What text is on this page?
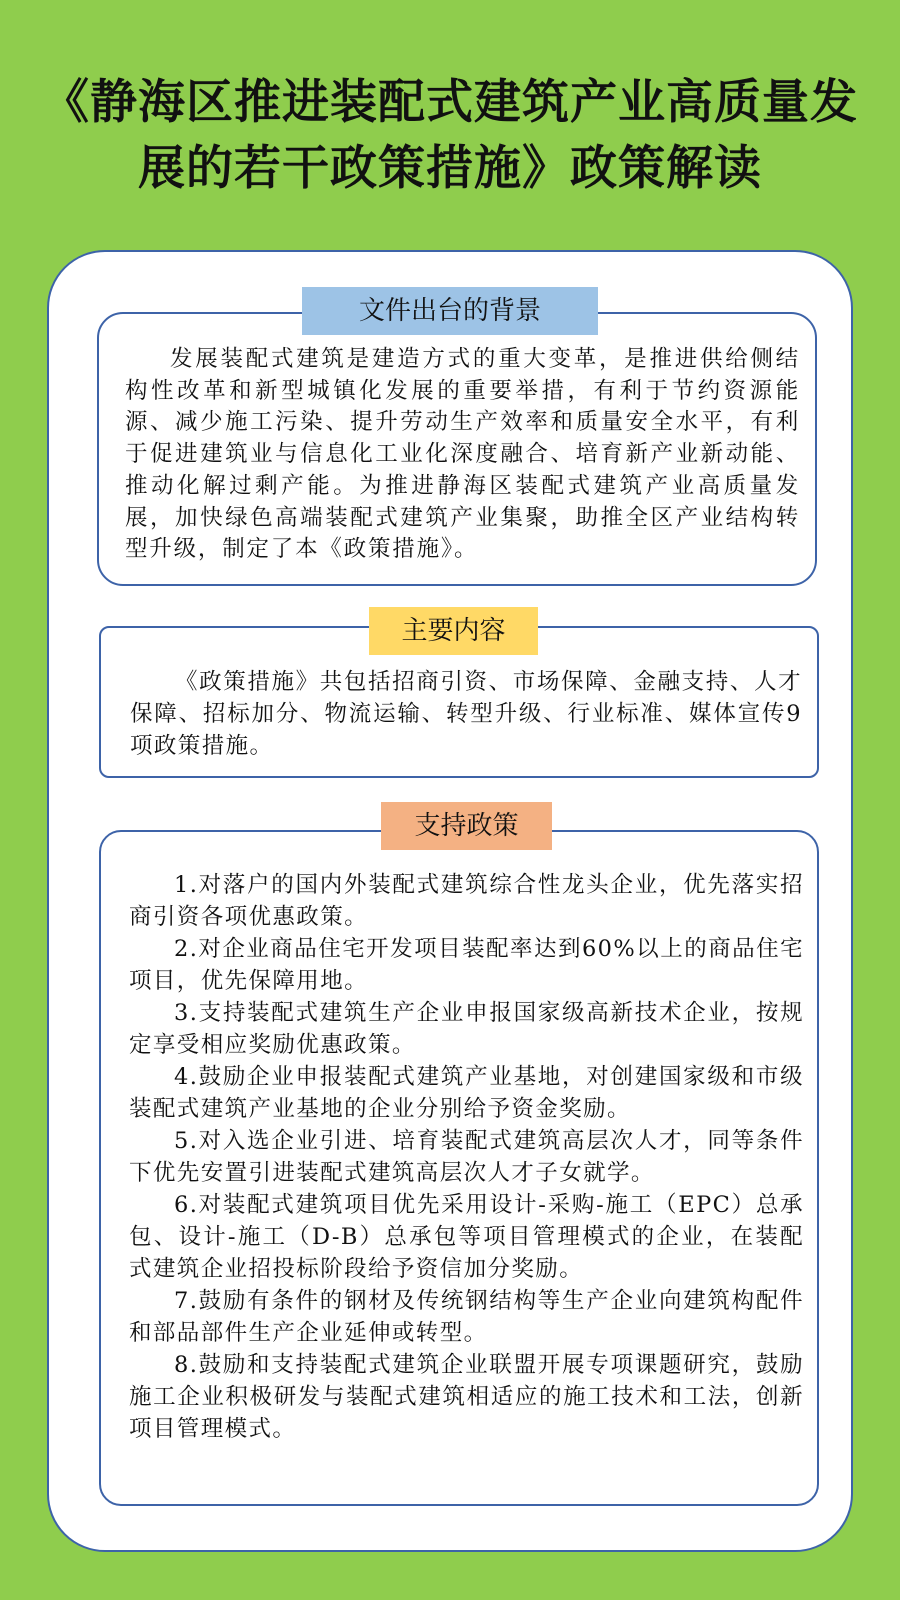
《静海区推进装配式建筑产业高质量发展的若干政策措施》政策解读
文件出台的背景

发展装配式建筑是建造方式的重大变革，是推进供给侧结构性改革和新型城镇化发展的重要举措，有利于节约资源能源、减少施工污染、提升劳动生产效率和质量安全水平，有利于促进建筑业与信息化工业化深度融合、培育新产业新动能、推动化解过剩产能。为推进静海区装配式建筑产业高质量发展，加快绿色高端装配式建筑产业集聚，助推全区产业结构转型升级，制定了本《政策措施》。

主要内容

《政策措施》共包括招商引资、市场保障、金融支持、人才保障、招标加分、物流运输、转型升级、行业标准、媒体宣传9项政策措施。

支持政策
1.对落户的国内外装配式建筑综合性龙头企业，优先落实招商引资各项优惠政策。
2.对企业商品住宅开发项目装配率达到60%以上的商品住宅项目，优先保障用地。
3.支持装配式建筑生产企业申报国家级高新技术企业，按规定享受相应奖励优惠政策。
4.鼓励企业申报装配式建筑产业基地，对创建国家级和市级装配式建筑产业基地的企业分别给予资金奖励。
5.对入选企业引进、培育装配式建筑高层次人才，同等条件下优先安置引进装配式建筑高层次人才子女就学。
6.对装配式建筑项目优先采用设计-采购-施工（EPC）总承包、设计-施工（D-B）总承包等项目管理模式的企业，在装配式建筑企业招投标阶段给予资信加分奖励。
7.鼓励有条件的钢材及传统钢结构等生产企业向建筑构配件和部品部件生产企业延伸或转型。
8.鼓励和支持装配式建筑企业联盟开展专项课题研究，鼓励施工企业积极研发与装配式建筑相适应的施工技术和工法，创新项目管理模式。
